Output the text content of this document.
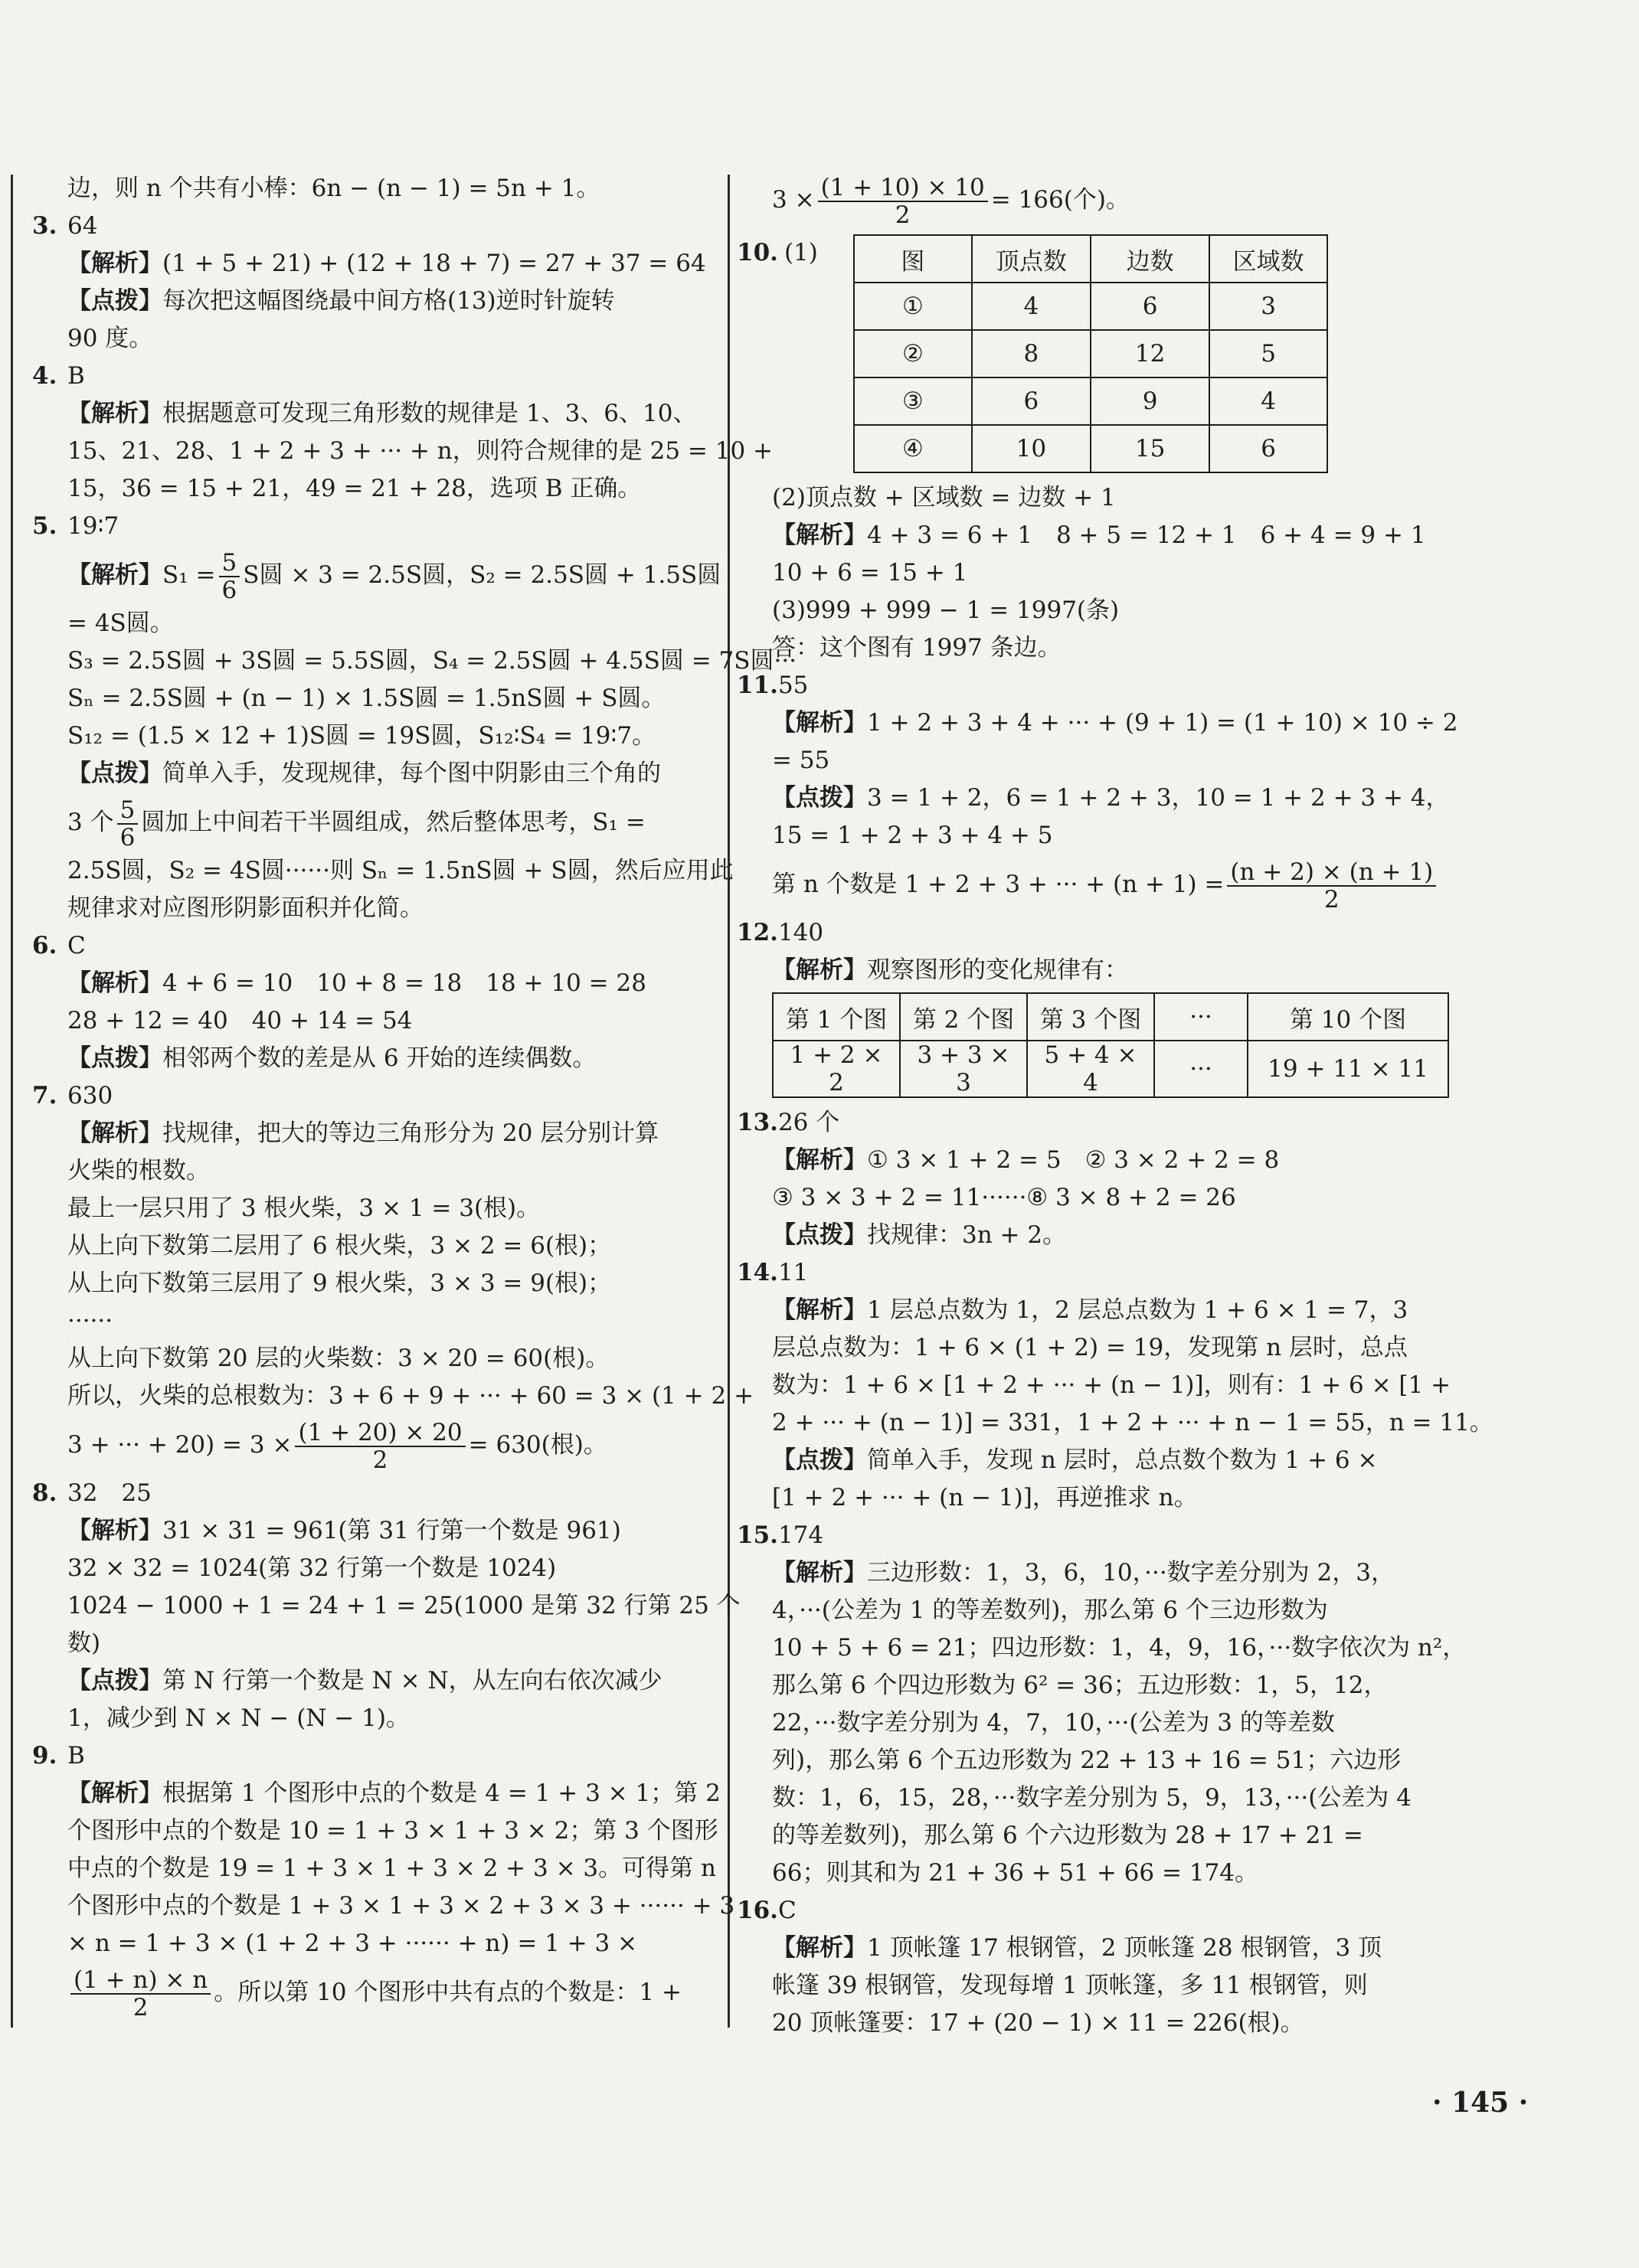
边，则 n 个共有小棒：6n − (n − 1) = 5n + 1。
3. 64
【解析】(1 + 5 + 21) + (12 + 18 + 7) = 27 + 37 = 64
【点拨】每次把这幅图绕最中间方格(13)逆时针旋转
90 度。
4. B
【解析】根据题意可发现三角形数的规律是 1、3、6、10、
15、21、28、1 + 2 + 3 + ··· + n，则符合规律的是 25 = 10 +
15，36 = 15 + 21，49 = 21 + 28，选项 B 正确。
5. 19∶7
【解析】$S_1 = \frac{5}{6}$ S圆 × 3 = 2.5S圆，S₂ = 2.5S圆 + 1.5S圆
= 4S圆。
S₃ = 2.5S圆 + 3S圆 = 5.5S圆，S₄ = 2.5S圆 + 4.5S圆 = 7S圆···
Sₙ = 2.5S圆 + (n − 1) × 1.5S圆 = 1.5nS圆 + S圆。
S₁₂ = (1.5 × 12 + 1)S圆 = 19S圆，S₁₂∶S₄ = 19∶7。
【点拨】简单入手，发现规律，每个图中阴影由三个角的
3 个 $\frac{5}{6}$ 圆加上中间若干半圆组成，然后整体思考，S₁ =
2.5S圆，S₂ = 4S圆······则 Sₙ = 1.5nS圆 + S圆，然后应用此
规律求对应图形阴影面积并化简。
6. C
【解析】4 + 6 = 10　10 + 8 = 18　18 + 10 = 28
28 + 12 = 40　40 + 14 = 54
【点拨】相邻两个数的差是从 6 开始的连续偶数。
7. 630
【解析】找规律，把大的等边三角形分为 20 层分别计算
火柴的根数。
最上一层只用了 3 根火柴，3 × 1 = 3(根)。
从上向下数第二层用了 6 根火柴，3 × 2 = 6(根)；
从上向下数第三层用了 9 根火柴，3 × 3 = 9(根)；
······
从上向下数第 20 层的火柴数：3 × 20 = 60(根)。
所以，火柴的总根数为：3 + 6 + 9 + ··· + 60 = 3 × (1 + 2 +
3 + ··· + $20) = 3 \times \frac{(1 + 20) \times 20}{2} = 630$(根)。
8. 32　25
【解析】31 × 31 = 961(第 31 行第一个数是 961)
32 × 32 = 1024(第 32 行第一个数是 1024)
1024 − 1000 + 1 = 24 + 1 = 25(1000 是第 32 行第 25 个
数)
【点拨】第 N 行第一个数是 N × N，从左向右依次减少
1，减少到 N × N − (N − 1)。
9. B
【解析】根据第 1 个图形中点的个数是 4 = 1 + 3 × 1；第 2
个图形中点的个数是 10 = 1 + 3 × 1 + 3 × 2；第 3 个图形
中点的个数是 19 = 1 + 3 × 1 + 3 × 2 + 3 × 3。可得第 n
个图形中点的个数是 1 + 3 × 1 + 3 × 2 + 3 × 3 + ······ + 3
× n = 1 + 3 × (1 + 2 + 3 + ······ + n) = 1 + 3 ×
$\frac{(1 + n) \times n}{2}$ 。所以第 10 个图形中共有点的个数是：1 +
$3 \times \frac{(1 + 10) \times 10}{2} = 166$(个)。
10. (1)	图	顶点数	边数	区域数
①	4	6	3
②	8	12	5
③	6	9	4
④	10	15	6
(2)顶点数 + 区域数 = 边数 + 1
【解析】4 + 3 = 6 + 1　8 + 5 = 12 + 1　6 + 4 = 9 + 1
10 + 6 = 15 + 1
(3)999 + 999 − 1 = 1997(条)
答：这个图有 1997 条边。
11.55
【解析】1 + 2 + 3 + 4 + ··· + (9 + 1) = (1 + 10) × 10 ÷ 2
= 55
【点拨】3 = 1 + 2，6 = 1 + 2 + 3，10 = 1 + 2 + 3 + 4，
15 = 1 + 2 + 3 + 4 + 5
第 n 个数是 1 + 2 + 3 + ··· + $(n + 1) = \frac{(n + 2) \times (n + 1)}{2}$
12.140
【解析】观察图形的变化规律有：
第 1 个图	第 2 个图	第 3 个图	···	第 10 个图
1 + 2 × 2	3 + 3 × 3	5 + 4 × 4	···	19 + 11 × 11
13.26 个
【解析】① 3 × 1 + 2 = 5　② 3 × 2 + 2 = 8
③ 3 × 3 + 2 = 11······⑧ 3 × 8 + 2 = 26
【点拨】找规律：3n + 2。
14.11
【解析】1 层总点数为 1，2 层总点数为 1 + 6 × 1 = 7，3
层总点数为：1 + 6 × (1 + 2) = 19，发现第 n 层时，总点
数为：1 + 6 × [1 + 2 + ··· + (n − 1)]，则有：1 + 6 × [1 +
2 + ··· + (n − 1)] = 331，1 + 2 + ··· + n − 1 = 55，n = 11。
【点拨】简单入手，发现 n 层时，总点数个数为 1 + 6 ×
[1 + 2 + ··· + (n − 1)]，再逆推求 n。
15.174
【解析】三边形数：1，3，6，10，···数字差分别为 2，3，
4，···(公差为 1 的等差数列)，那么第 6 个三边形数为
10 + 5 + 6 = 21；四边形数：1，4，9，16，···数字依次为 n²，
那么第 6 个四边形数为 6² = 36；五边形数：1，5，12，
22，···数字差分别为 4，7，10，···(公差为 3 的等差数
列)，那么第 6 个五边形数为 22 + 13 + 16 = 51；六边形
数：1，6，15，28，···数字差分别为 5，9，13，···(公差为 4
的等差数列)，那么第 6 个六边形数为 28 + 17 + 21 =
66；则其和为 21 + 36 + 51 + 66 = 174。
16.C
【解析】1 顶帐篷 17 根钢管，2 顶帐篷 28 根钢管，3 顶
帐篷 39 根钢管，发现每增 1 顶帐篷，多 11 根钢管，则
20 顶帐篷要：17 + (20 − 1) × 11 = 226(根)。
· 145 ·
